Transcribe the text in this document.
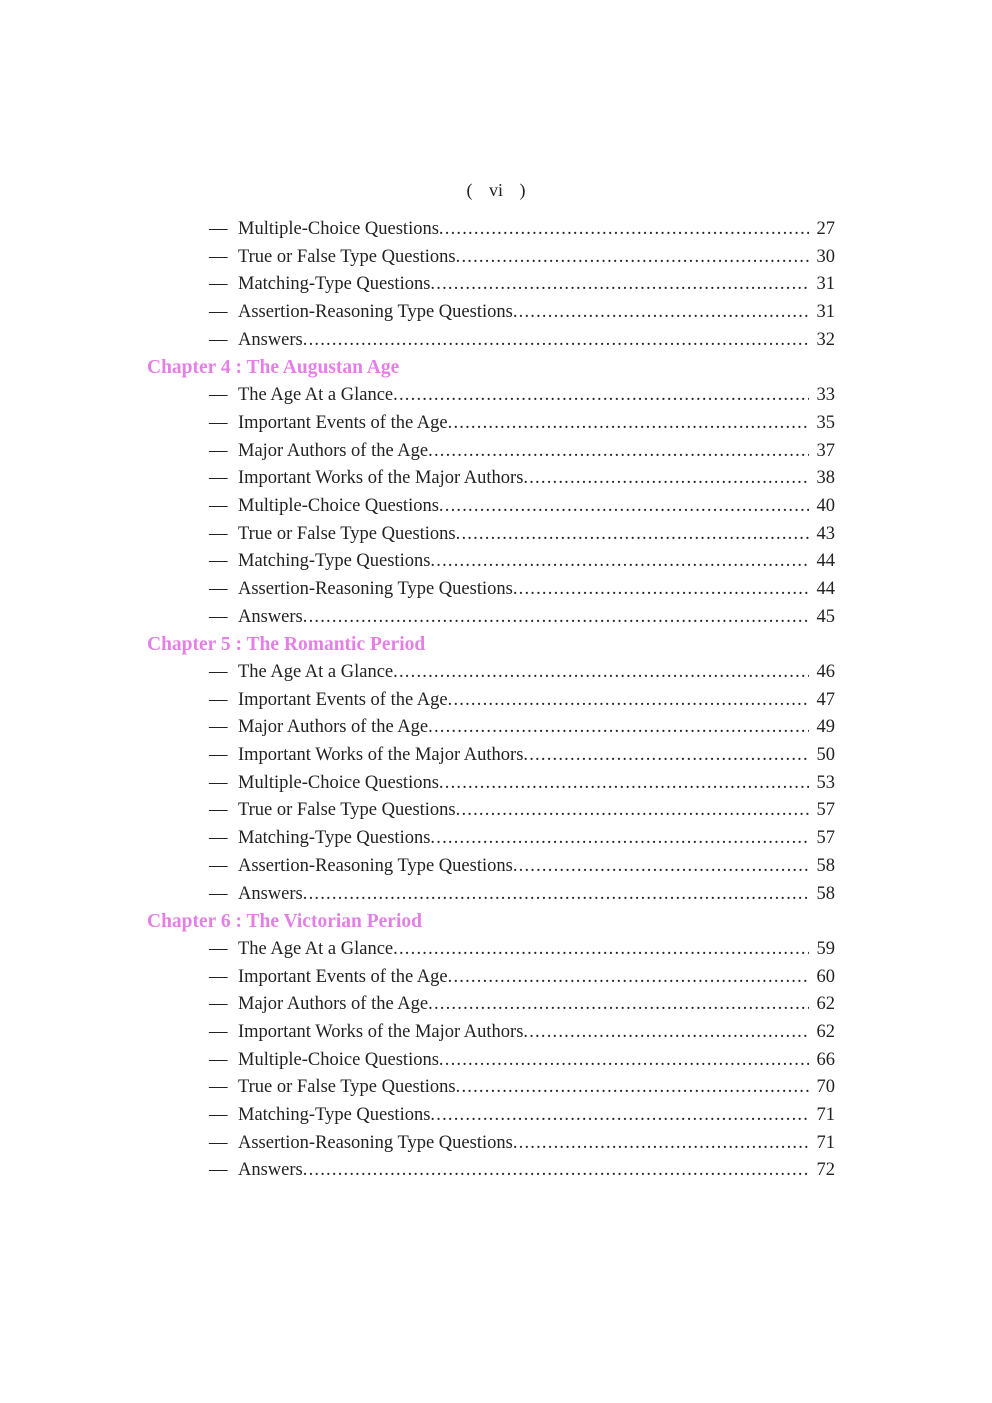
( vi )
— Multiple-Choice Questions .....	27
— True or False Type Questions .....	30
— Matching-Type Questions .....	31
— Assertion-Reasoning Type Questions .....	31
— Answers .....	32
Chapter 4 : The Augustan Age
— The Age At a Glance .....	33
— Important Events of the Age .....	35
— Major Authors of the Age .....	37
— Important Works of the Major Authors .....	38
— Multiple-Choice Questions .....	40
— True or False Type Questions .....	43
— Matching-Type Questions .....	44
— Assertion-Reasoning Type Questions .....	44
— Answers .....	45
Chapter 5 : The Romantic Period
— The Age At a Glance .....	46
— Important Events of the Age .....	47
— Major Authors of the Age .....	49
— Important Works of the Major Authors .....	50
— Multiple-Choice Questions .....	53
— True or False Type Questions .....	57
— Matching-Type Questions .....	57
— Assertion-Reasoning Type Questions .....	58
— Answers .....	58
Chapter 6 : The Victorian Period
— The Age At a Glance .....	59
— Important Events of the Age .....	60
— Major Authors of the Age .....	62
— Important Works of the Major Authors .....	62
— Multiple-Choice Questions .....	66
— True or False Type Questions .....	70
— Matching-Type Questions .....	71
— Assertion-Reasoning Type Questions .....	71
— Answers .....	72
